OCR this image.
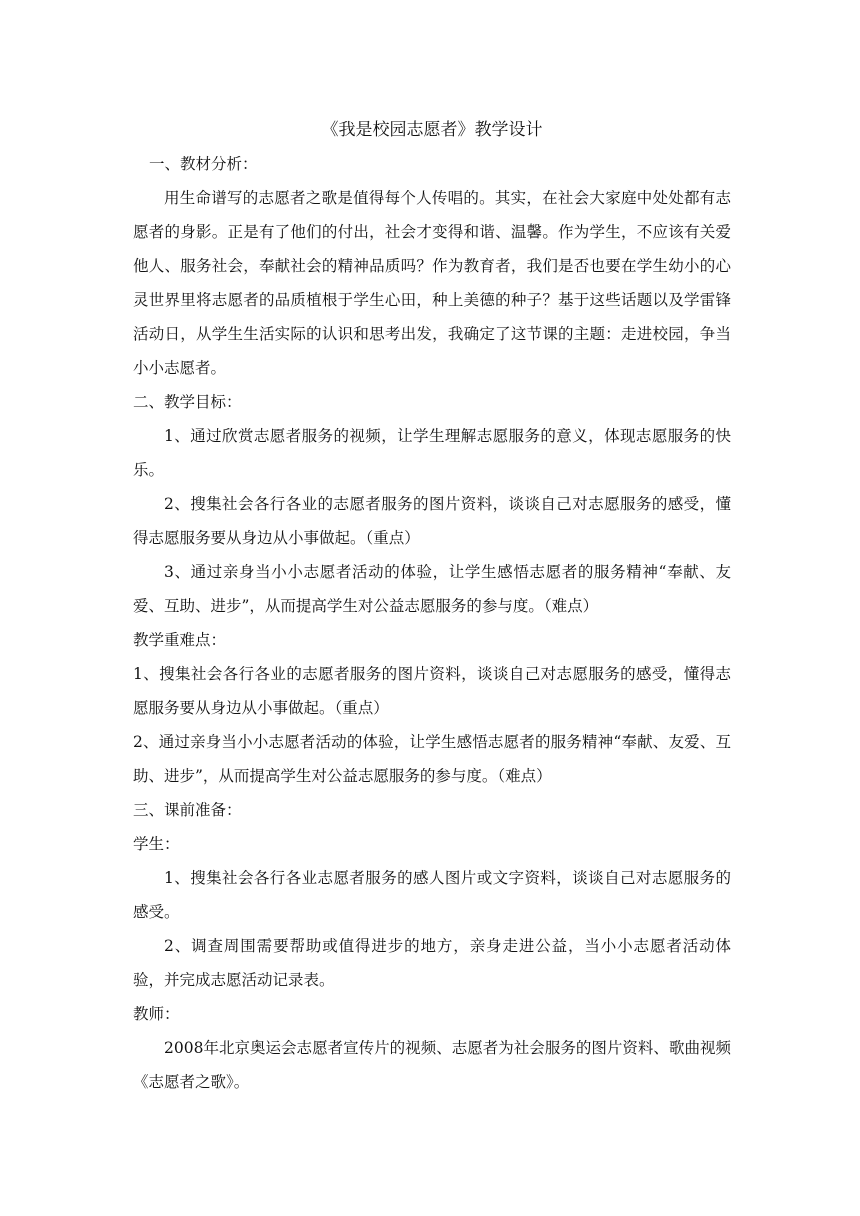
《我是校园志愿者》教学设计

一、教材分析：

用生命谱写的志愿者之歌是值得每个人传唱的。其实，在社会大家庭中处处都有志愿者的身影。正是有了他们的付出，社会才变得和谐、温馨。作为学生，不应该有关爱他人、服务社会，奉献社会的精神品质吗？作为教育者，我们是否也要在学生幼小的心灵世界里将志愿者的品质植根于学生心田，种上美德的种子？基于这些话题以及学雷锋活动日，从学生生活实际的认识和思考出发，我确定了这节课的主题：走进校园，争当小小志愿者。

二、教学目标：

1、通过欣赏志愿者服务的视频，让学生理解志愿服务的意义，体现志愿服务的快乐。

2、搜集社会各行各业的志愿者服务的图片资料，谈谈自己对志愿服务的感受，懂得志愿服务要从身边从小事做起。（重点）

3、通过亲身当小小志愿者活动的体验，让学生感悟志愿者的服务精神“奉献、友爱、互助、进步”，从而提高学生对公益志愿服务的参与度。（难点）

教学重难点：

1、搜集社会各行各业的志愿者服务的图片资料，谈谈自己对志愿服务的感受，懂得志愿服务要从身边从小事做起。（重点）

2、通过亲身当小小志愿者活动的体验，让学生感悟志愿者的服务精神“奉献、友爱、互助、进步”，从而提高学生对公益志愿服务的参与度。（难点）

三、课前准备：

学生：

1、搜集社会各行各业志愿者服务的感人图片或文字资料，谈谈自己对志愿服务的感受。

2、调查周围需要帮助或值得进步的地方，亲身走进公益，当小小志愿者活动体验，并完成志愿活动记录表。

教师：

2008年北京奥运会志愿者宣传片的视频、志愿者为社会服务的图片资料、歌曲视频《志愿者之歌》。
